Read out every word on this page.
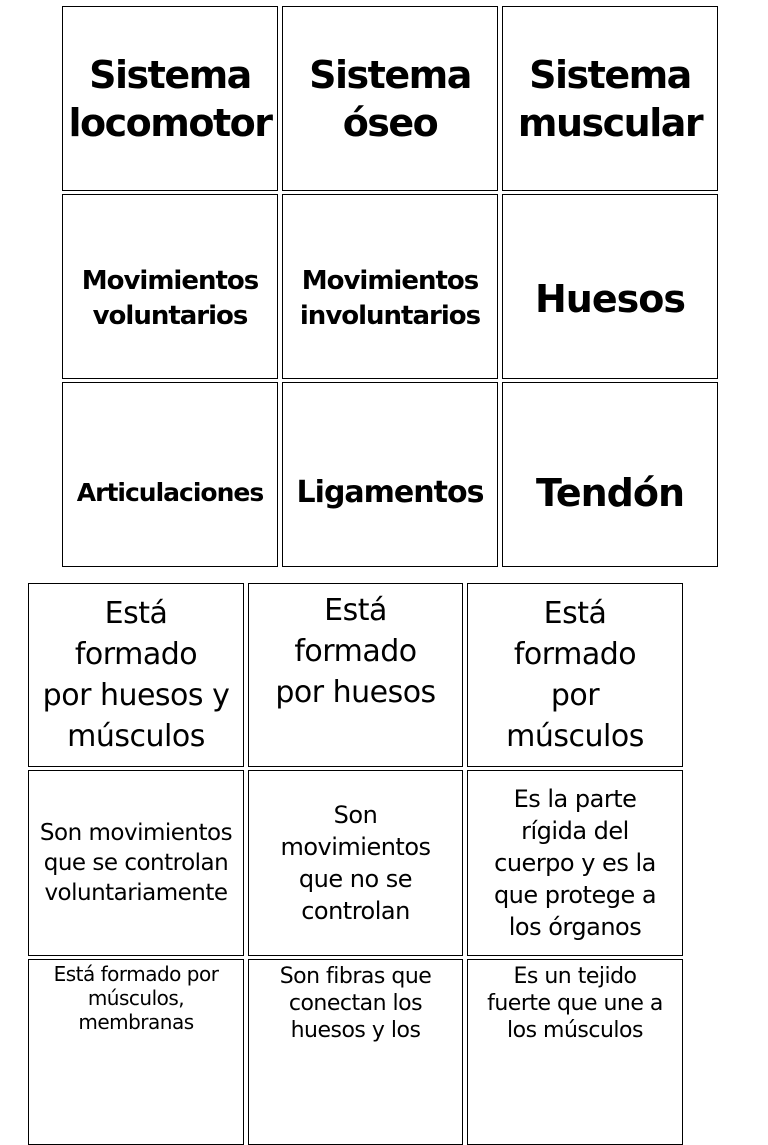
Sistema
locomotor
Sistema
óseo
Sistema
muscular
Movimientos
voluntarios
Movimientos
involuntarios Huesos
Articulaciones Ligamentos Tendón
Está
formado
por huesos y
músculos
Está
formado
por huesos
Está
formado
por
músculos
Son movimientos
que se controlan
voluntariamente
Son
movimientos
que no se
controlan
Es la parte
rígida del
cuerpo y es la
que protege a
los órganos
Está formado por
músculos,
membranas
Son fibras que
conectan los
huesos y los
Es un tejido
fuerte que une a
los músculos
